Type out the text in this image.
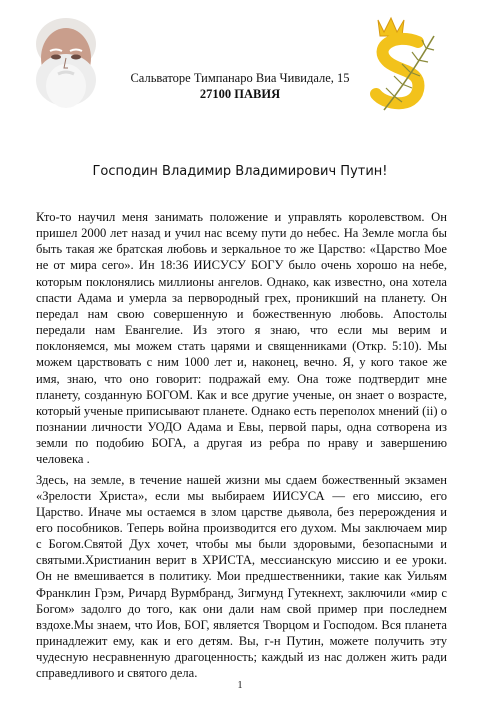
Сальваторе Тимпанаро Виа Чивидале, 15
27100 ПАВИЯ
Господин Владимир Владимирович Путин!

Кто-то научил меня занимать положение и управлять королевством. Он пришел 2000 лет назад и учил нас всему пути до небес. На Земле могла бы быть такая же братская любовь и зеркальное то же Царство: «Царство Мое не от мира сего». Ин 18:36 ИИСУСУ БОГУ было очень хорошо на небе, которым поклонялись миллионы ангелов. Однако, как известно, она хотела спасти Адама и умерла за первородный грех, проникший на планету. Он передал нам свою совершенную и божественную любовь. Апостолы передали нам Евангелие. Из этого я знаю, что если мы верим и поклоняемся, мы можем стать царями и священниками (Откр. 5:10). Мы можем царствовать с ним 1000 лет и, наконец, вечно. Я, у кого такое же имя, знаю, что оно говорит: подражай ему. Она тоже подтвердит мне планету, созданную БОГОМ. Как и все другие ученые, он знает о возрасте, который ученые приписывают планете. Однако есть переполох мнений (ii) о познании личности УОДО Адама и Евы, первой пары, одна сотворена из земли по подобию БОГА, а другая из ребра по нраву и завершению человека .

Здесь, на земле, в течение нашей жизни мы сдаем божественный экзамен «Зрелости Христа», если мы выбираем ИИСУСА — его миссию, его Царство. Иначе мы остаемся в злом царстве дьявола, без перерождения и его пособников. Теперь война производится его духом. Мы заключаем мир с Богом.Святой Дух хочет, чтобы мы были здоровыми, безопасными и святыми.Христианин верит в ХРИСТА, мессианскую миссию и ее уроки. Он не вмешивается в политику. Мои предшественники, такие как Уильям Франклин Грэм, Ричард Вурмбранд, Зигмунд Гутекнехт, заключили «мир с Богом» задолго до того, как они дали нам свой пример при последнем вздохе.Мы знаем, что Иов, БОГ, является Творцом и Господом. Вся планета принадлежит ему, как и его детям. Вы, г-н Путин, можете получить эту чудесную несравненную драгоценность; каждый из нас должен жить ради справедливого и святого дела.

1
